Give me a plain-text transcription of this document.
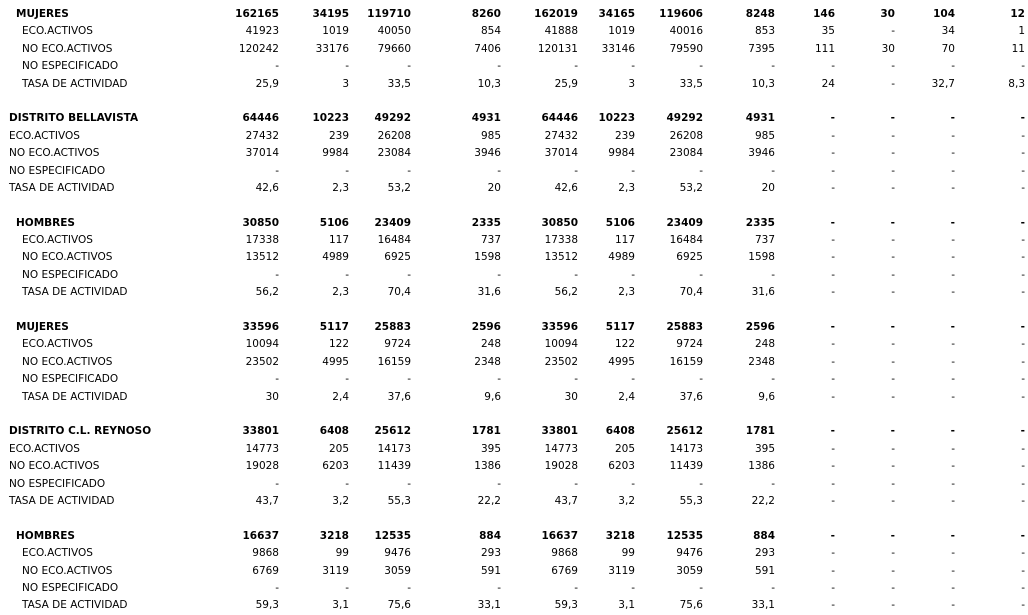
MUJERES	162165	34195	119710	8260	162019	34165	119606	8248	146	30	104	12
ECO.ACTIVOS	41923	1019	40050	854	41888	1019	40016	853	35	-	34	1
NO ECO.ACTIVOS	120242	33176	79660	7406	120131	33146	79590	7395	111	30	70	11
NO ESPECIFICADO	-	-	-	-	-	-	-	-	-	-	-	-
TASA DE ACTIVIDAD	25,9	3	33,5	10,3	25,9	3	33,5	10,3	24	-	32,7	8,3
DISTRITO BELLAVISTA	64446	10223	49292	4931	64446	10223	49292	4931	-	-	-	-
ECO.ACTIVOS	27432	239	26208	985	27432	239	26208	985	-	-	-	-
NO ECO.ACTIVOS	37014	9984	23084	3946	37014	9984	23084	3946	-	-	-	-
NO ESPECIFICADO	-	-	-	-	-	-	-	-	-	-	-	-
TASA DE ACTIVIDAD	42,6	2,3	53,2	20	42,6	2,3	53,2	20	-	-	-	-
HOMBRES	30850	5106	23409	2335	30850	5106	23409	2335	-	-	-	-
ECO.ACTIVOS	17338	117	16484	737	17338	117	16484	737	-	-	-	-
NO ECO.ACTIVOS	13512	4989	6925	1598	13512	4989	6925	1598	-	-	-	-
NO ESPECIFICADO	-	-	-	-	-	-	-	-	-	-	-	-
TASA DE ACTIVIDAD	56,2	2,3	70,4	31,6	56,2	2,3	70,4	31,6	-	-	-	-
MUJERES	33596	5117	25883	2596	33596	5117	25883	2596	-	-	-	-
ECO.ACTIVOS	10094	122	9724	248	10094	122	9724	248	-	-	-	-
NO ECO.ACTIVOS	23502	4995	16159	2348	23502	4995	16159	2348	-	-	-	-
NO ESPECIFICADO	-	-	-	-	-	-	-	-	-	-	-	-
TASA DE ACTIVIDAD	30	2,4	37,6	9,6	30	2,4	37,6	9,6	-	-	-	-
DISTRITO C.L. REYNOSO	33801	6408	25612	1781	33801	6408	25612	1781	-	-	-	-
ECO.ACTIVOS	14773	205	14173	395	14773	205	14173	395	-	-	-	-
NO ECO.ACTIVOS	19028	6203	11439	1386	19028	6203	11439	1386	-	-	-	-
NO ESPECIFICADO	-	-	-	-	-	-	-	-	-	-	-	-
TASA DE ACTIVIDAD	43,7	3,2	55,3	22,2	43,7	3,2	55,3	22,2	-	-	-	-
HOMBRES	16637	3218	12535	884	16637	3218	12535	884	-	-	-	-
ECO.ACTIVOS	9868	99	9476	293	9868	99	9476	293	-	-	-	-
NO ECO.ACTIVOS	6769	3119	3059	591	6769	3119	3059	591	-	-	-	-
NO ESPECIFICADO	-	-	-	-	-	-	-	-	-	-	-	-
TASA DE ACTIVIDAD	59,3	3,1	75,6	33,1	59,3	3,1	75,6	33,1	-	-	-	-
